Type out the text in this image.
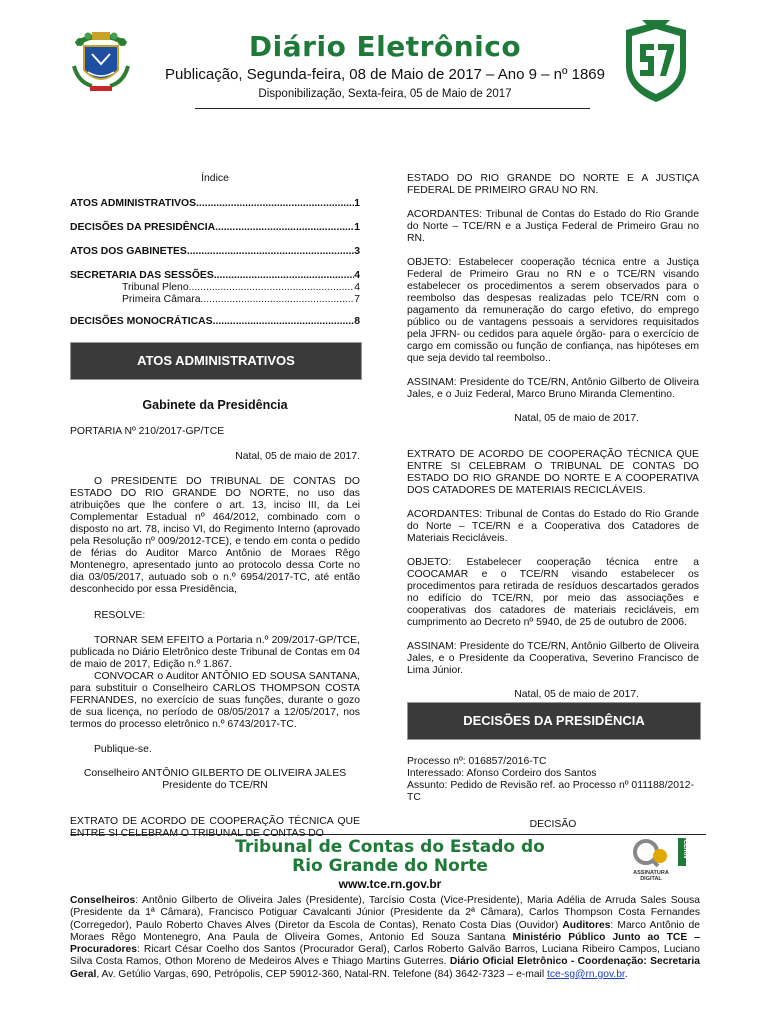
Diário Eletrônico
Publicação, Segunda-feira, 08 de Maio de 2017 – Ano 9 – nº 1869
Disponibilização, Sexta-feira, 05 de Maio de 2017
Índice
ATOS ADMINISTRATIVOS .....	1
DECISÕES DA PRESIDÊNCIA .....	1
ATOS DOS GABINETES .....	3
SECRETARIA DAS SESSÕES .....	4
Tribunal Pleno .....	4
Primeira Câmara .....	7
DECISÕES MONOCRÁTICAS .....	8
ATOS ADMINISTRATIVOS
Gabinete da Presidência

PORTARIA Nº 210/2017-GP/TCE

Natal, 05 de maio de 2017.

O PRESIDENTE DO TRIBUNAL DE CONTAS DO ESTADO DO RIO GRANDE DO NORTE, no uso das atribuições que lhe confere o art. 13, inciso III, da Lei Complementar Estadual nº 464/2012, combinado com o disposto no art. 78, inciso VI, do Regimento Interno (aprovado pela Resolução nº 009/2012-TCE), e tendo em conta o pedido de férias do Auditor Marco Antônio de Moraes Rêgo Montenegro, apresentado junto ao protocolo dessa Corte no dia 03/05/2017, autuado sob o n.º 6954/2017-TC, até então desconhecido por essa Presidência,

RESOLVE:

TORNAR SEM EFEITO a Portaria n.º 209/2017-GP/TCE, publicada no Diário Eletrônico deste Tribunal de Contas em 04 de maio de 2017, Edição n.º 1.867.

CONVOCAR o Auditor ANTÔNIO ED SOUSA SANTANA, para substituir o Conselheiro CARLOS THOMPSON COSTA FERNANDES, no exercício de suas funções, durante o gozo de sua licença, no período de 08/05/2017 a 12/05/2017, nos termos do processo eletrônico n.º 6743/2017-TC.

Publique-se.

Conselheiro ANTÔNIO GILBERTO DE OLIVEIRA JALES

Presidente do TCE/RN

EXTRATO DE ACORDO DE COOPERAÇÃO TÉCNICA QUE

ESTADO DO RIO GRANDE DO NORTE E A JUSTIÇA FEDERAL DE PRIMEIRO GRAU NO RN.

ACORDANTES: Tribunal de Contas do Estado do Rio Grande do Norte – TCE/RN e a Justiça Federal de Primeiro Grau no RN.

OBJETO: Estabelecer cooperação técnica entre a Justiça Federal de Primeiro Grau no RN e o TCE/RN visando estabelecer os procedimentos a serem observados para o reembolso das despesas realizadas pelo TCE/RN com o pagamento da remuneração do cargo efetivo, do emprego público ou de vantagens pessoais a servidores requisitados pela JFRN- ou cedidos para aquele órgão- para o exercício de cargo em comissão ou função de confiança, nas hipóteses em que seja devido tal reembolso..

ASSINAM: Presidente do TCE/RN, Antônio Gilberto de Oliveira Jales, e o Juiz Federal, Marco Bruno Miranda Clementino.

Natal, 05 de maio de 2017.

EXTRATO DE ACORDO DE COOPERAÇÃO TÉCNICA QUE ENTRE SI CELEBRAM O TRIBUNAL DE CONTAS DO ESTADO DO RIO GRANDE DO NORTE E A COOPERATIVA DOS CATADORES DE MATERIAIS RECICLÁVEIS.

ACORDANTES: Tribunal de Contas do Estado do Rio Grande do Norte – TCE/RN e a Cooperativa dos Catadores de Materiais Recicláveis.

OBJETO: Estabelecer cooperação técnica entre a COOCAMAR e o TCE/RN visando estabelecer os procedimentos para retirada de resíduos descartados gerados no edifício do TCE/RN, por meio das associações e cooperativas dos catadores de materiais recicláveis, em cumprimento ao Decreto nº 5940, de 25 de outubro de 2006.

ASSINAM: Presidente do TCE/RN, Antônio Gilberto de Oliveira Jales, e o Presidente da Cooperativa, Severino Francisco de Lima Júnior.

Natal, 05 de maio de 2017.

DECISÕES DA PRESIDÊNCIA

Processo nº: 016857/2016-TC

Interessado: Afonso Cordeiro dos Santos

Assunto: Pedido de Revisão ref. ao Processo nº 011188/2012-TC

DECISÃO

Tribunal de Contas do Estado do
Rio Grande do Norte
TCE/RN
ASSINATURA DIGITAL
www.tce.rn.gov.br
Conselheiros: Antônio Gilberto de Oliveira Jales (Presidente), Tarcísio Costa (Vice-Presidente), Maria Adélia de Arruda Sales Sousa (Presidente da 1ª Câmara), Francisco Potiguar Cavalcanti Júnior (Presidente da 2ª Câmara), Carlos Thompson Costa Fernandes (Corregedor), Paulo Roberto Chaves Alves (Diretor da Escola de Contas), Renato Costa Dias (Ouvidor) Auditores: Marco Antônio de Moraes Rêgo Montenegro, Ana Paula de Oliveira Gomes, Antonio Ed Souza Santana Ministério Público Junto ao TCE – Procuradores: Ricart César Coelho dos Santos (Procurador Geral), Carlos Roberto Galvão Barros, Luciana Ribeiro Campos, Luciano Silva Costa Ramos, Othon Moreno de Medeiros Alves e Thiago Martins Guterres. Diário Oficial Eletrônico - Coordenação: Secretaria Geral, Av. Getúlio Vargas, 690, Petrópolis, CEP 59012-360, Natal-RN. Telefone (84) 3642-7323 – e-mail tce-sg@rn.gov.br.
